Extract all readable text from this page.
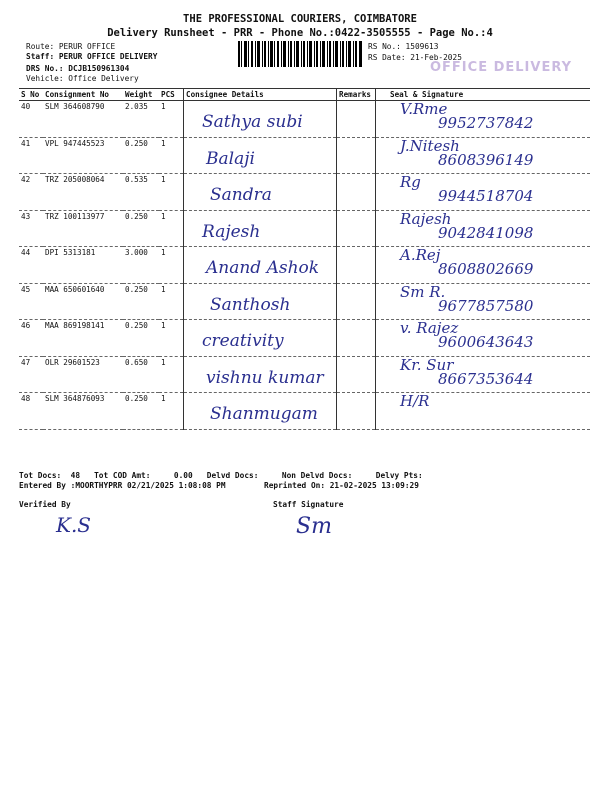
THE PROFESSIONAL COURIERS, COIMBATORE
Delivery Runsheet - PRR - Phone No.:0422-3505555 - Page No.:4
Route: PERUR OFFICE
Staff: PERUR OFFICE DELIVERY
DRS No.: DCJB150961304
Vehicle: Office Delivery
RS No.: 1509613
RS Date: 21-Feb-2025
OFFICE DELIVERY
S No	Consignment No	Weight	PCS	Consignee Details	Remarks	Seal & Signature
40	SLM 364608790	2.035	1	Sathya subi		V.Rme
9952737842

41	VPL 947445523	0.250	1	Balaji		J.Nitesh
8608396149

42	TRZ 205008064	0.535	1	Sandra		Rg
9944518704

43	TRZ 100113977	0.250	1	Rajesh		Rajesh
9042841098

44	DPI 5313181	3.000	1	Anand Ashok		A.Rej
8608802669

45	MAA 650601640	0.250	1	Santhosh		Sm R.
9677857580

46	MAA 869198141	0.250	1	creativity		v. Rajez
9600643643

47	OLR 29601523	0.650	1	vishnu kumar		Kr. Sur
8667353644

48	SLM 364876093	0.250	1	Shanmugam		H/R
Tot Docs:  48   Tot COD Amt:     0.00   Delvd Docs:     Non Delvd Docs:     Delvy Pts:
Entered By :MOORTHYPRR 02/21/2025 1:08:08 PM	Reprinted On: 21-02-2025 13:09:29
Verified By
K.S
Staff Signature
Sm
